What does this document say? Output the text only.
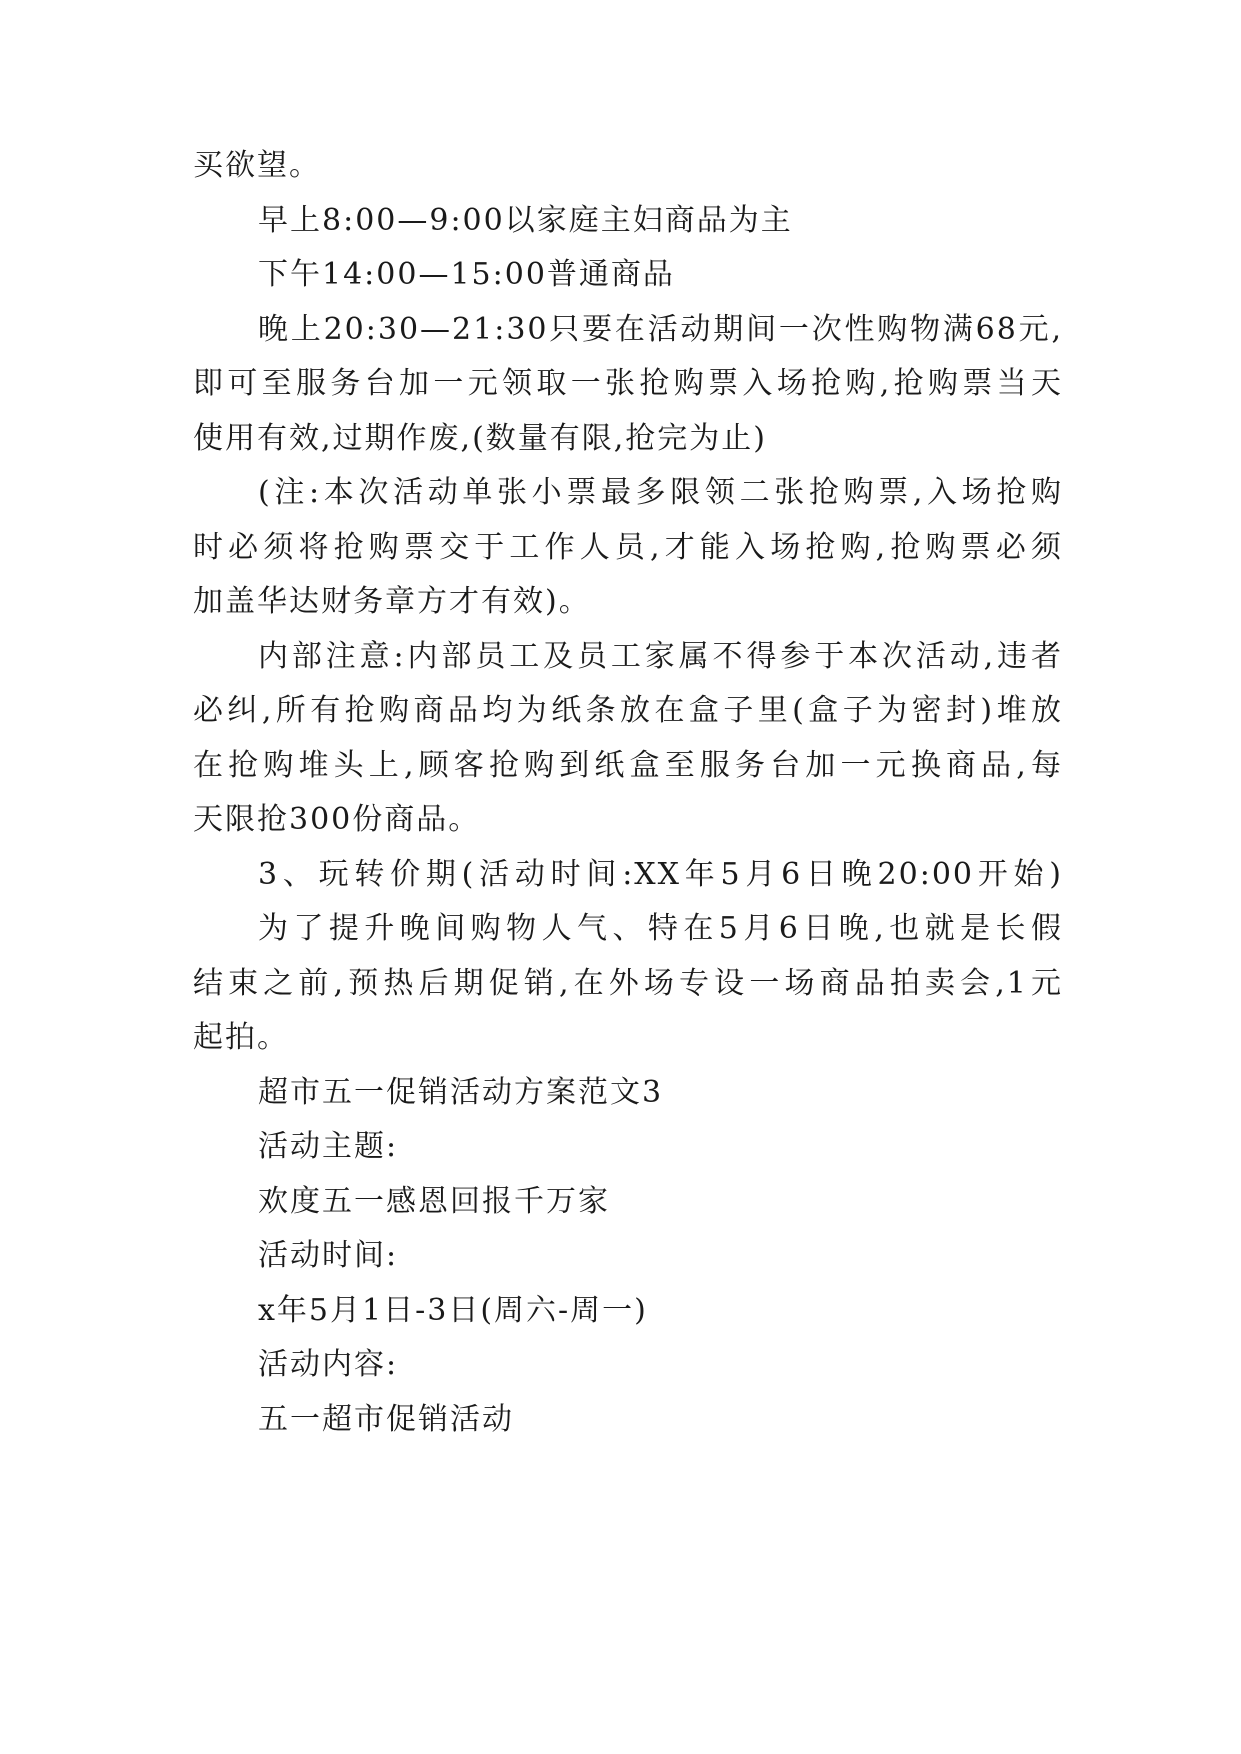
买欲望。
早上8:00—9:00以家庭主妇商品为主
下午14:00—15:00普通商品
晚上20:30—21:30只要在活动期间一次性购物满68元,
即可至服务台加一元领取一张抢购票入场抢购,抢购票当天
使用有效,过期作废,(数量有限,抢完为止)
(注:本次活动单张小票最多限领二张抢购票,入场抢购
时必须将抢购票交于工作人员,才能入场抢购,抢购票必须
加盖华达财务章方才有效)。
内部注意:内部员工及员工家属不得参于本次活动,违者
必纠,所有抢购商品均为纸条放在盒子里(盒子为密封)堆放
在抢购堆头上,顾客抢购到纸盒至服务台加一元换商品,每
天限抢300份商品。
3、玩转价期(活动时间:XX年5月6日晚20:00开始)
为了提升晚间购物人气、特在5月6日晚,也就是长假
结束之前,预热后期促销,在外场专设一场商品拍卖会,1元
起拍。
超市五一促销活动方案范文3
活动主题:
欢度五一感恩回报千万家
活动时间:
x年5月1日-3日(周六-周一)
活动内容:
五一超市促销活动
